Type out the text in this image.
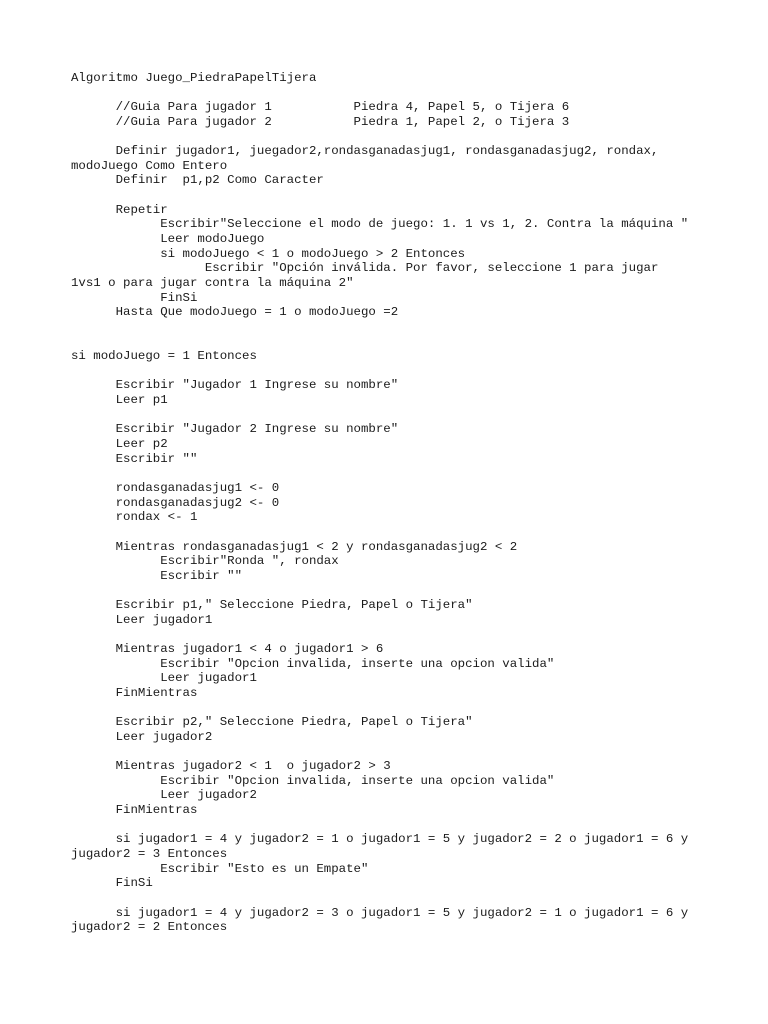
Algoritmo Juego_PiedraPapelTijera
//Guia Para jugador 1           Piedra 4, Papel 5, o Tijera 6
//Guia Para jugador 2           Piedra 1, Papel 2, o Tijera 3
Definir jugador1, juegador2,rondasganadasjug1, rondasganadasjug2, rondax,
modoJuego Como Entero
Definir  p1,p2 Como Caracter
Repetir
Escribir"Seleccione el modo de juego: 1. 1 vs 1, 2. Contra la máquina "
Leer modoJuego
si modoJuego < 1 o modoJuego > 2 Entonces
Escribir "Opción inválida. Por favor, seleccione 1 para jugar
1vs1 o para jugar contra la máquina 2"
FinSi
Hasta Que modoJuego = 1 o modoJuego =2
si modoJuego = 1 Entonces
Escribir "Jugador 1 Ingrese su nombre"
Leer p1
Escribir "Jugador 2 Ingrese su nombre"
Leer p2
Escribir ""
rondasganadasjug1 <- 0
rondasganadasjug2 <- 0
rondax <- 1
Mientras rondasganadasjug1 < 2 y rondasganadasjug2 < 2
Escribir"Ronda ", rondax
Escribir ""
Escribir p1," Seleccione Piedra, Papel o Tijera"
Leer jugador1
Mientras jugador1 < 4 o jugador1 > 6
Escribir "Opcion invalida, inserte una opcion valida"
Leer jugador1
FinMientras
Escribir p2," Seleccione Piedra, Papel o Tijera"
Leer jugador2
Mientras jugador2 < 1  o jugador2 > 3
Escribir "Opcion invalida, inserte una opcion valida"
Leer jugador2
FinMientras
si jugador1 = 4 y jugador2 = 1 o jugador1 = 5 y jugador2 = 2 o jugador1 = 6 y
jugador2 = 3 Entonces
Escribir "Esto es un Empate"
FinSi
si jugador1 = 4 y jugador2 = 3 o jugador1 = 5 y jugador2 = 1 o jugador1 = 6 y
jugador2 = 2 Entonces
